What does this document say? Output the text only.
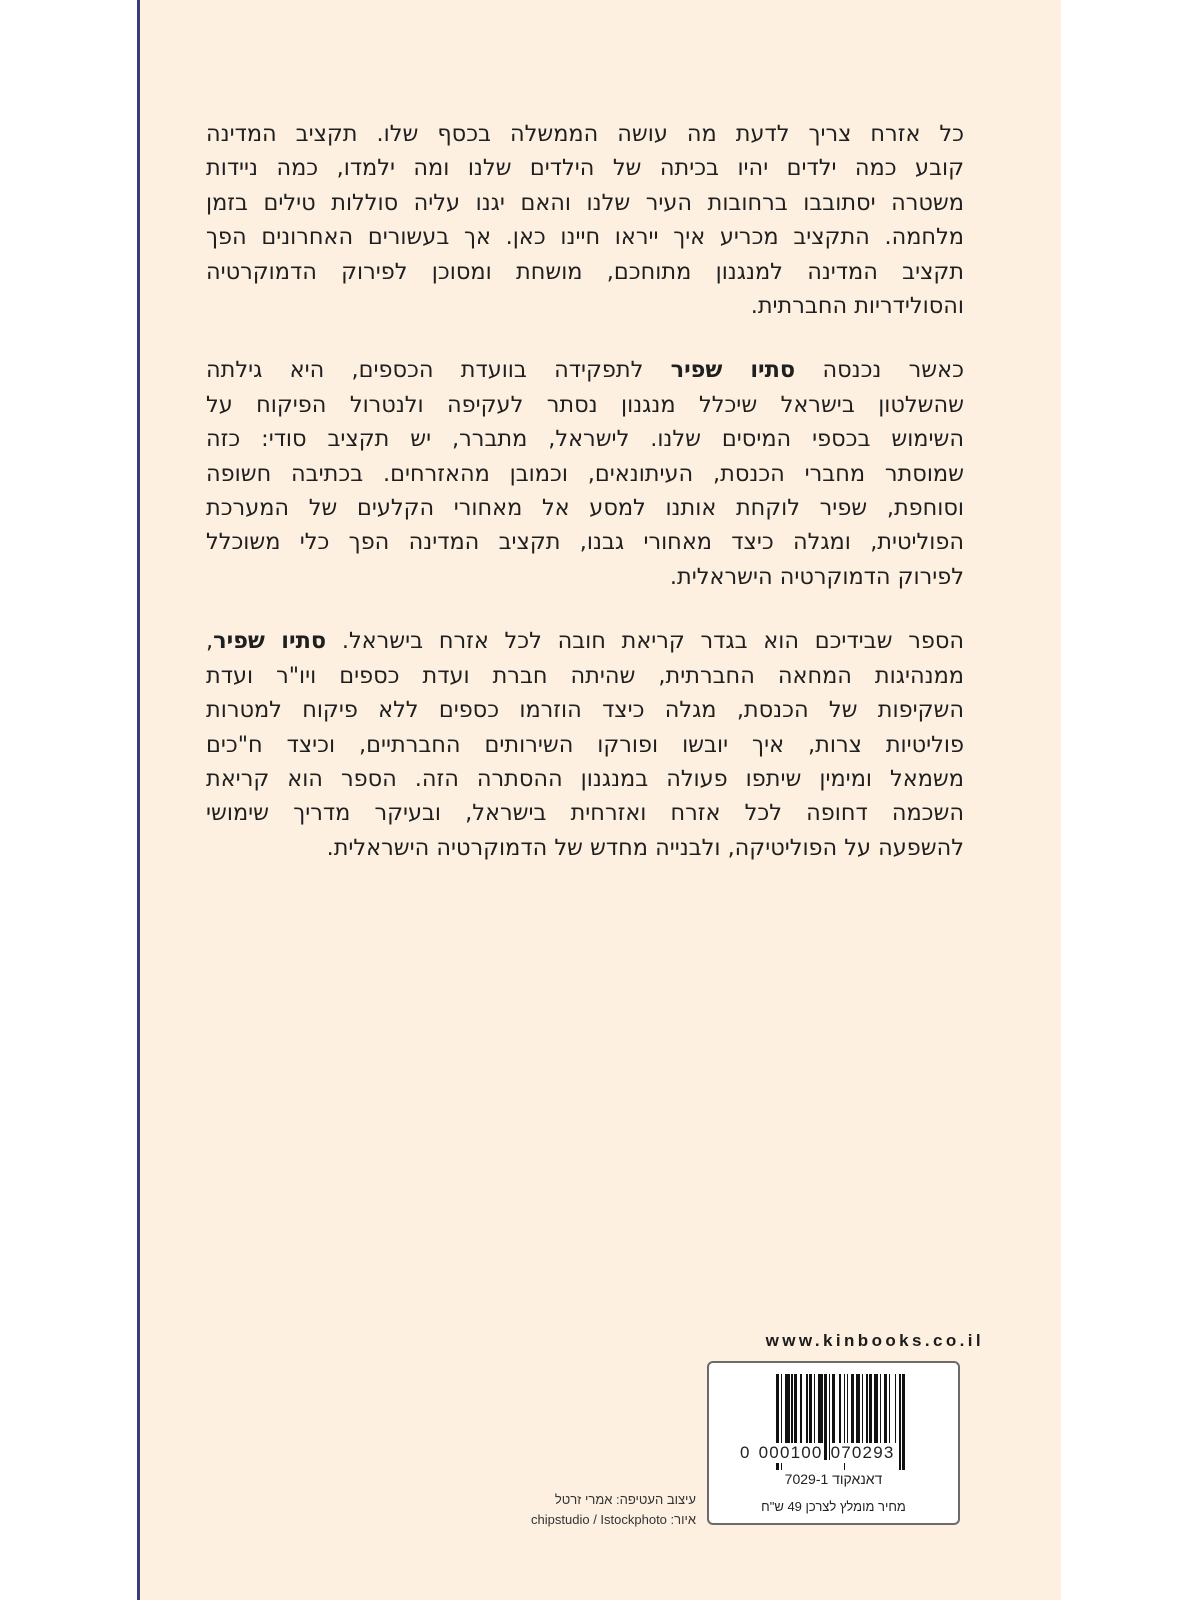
כל אזרח צריך לדעת מה עושה הממשלה בכסף שלו. תקציב המדינה
קובע כמה ילדים יהיו בכיתה של הילדים שלנו ומה ילמדו, כמה ניידות
משטרה יסתובבו ברחובות העיר שלנו והאם יגנו עליה סוללות טילים בזמן
מלחמה. התקציב מכריע איך ייראו חיינו כאן. אך בעשורים האחרונים הפך
תקציב המדינה למנגנון מתוחכם, מושחת ומסוכן לפירוק הדמוקרטיה
והסולידריות החברתית.

כאשר נכנסה סתיו שפיר לתפקידה בוועדת הכספים, היא גילתה
שהשלטון בישראל שיכלל מנגנון נסתר לעקיפה ולנטרול הפיקוח על
השימוש בכספי המיסים שלנו. לישראל, מתברר, יש תקציב סודי: כזה
שמוסתר מחברי הכנסת, העיתונאים, וכמובן מהאזרחים. בכתיבה חשופה
וסוחפת, שפיר לוקחת אותנו למסע אל מאחורי הקלעים של המערכת
הפוליטית, ומגלה כיצד מאחורי גבנו, תקציב המדינה הפך כלי משוכלל
לפירוק הדמוקרטיה הישראלית.

הספר שבידיכם הוא בגדר קריאת חובה לכל אזרח בישראל. סתיו שפיר,
ממנהיגות המחאה החברתית, שהיתה חברת ועדת כספים ויו"ר ועדת
השקיפות של הכנסת, מגלה כיצד הוזרמו כספים ללא פיקוח למטרות
פוליטיות צרות, איך יובשו ופורקו השירותים החברתיים, וכיצד ח"כים
משמאל ומימין שיתפו פעולה במנגנון ההסתרה הזה. הספר הוא קריאת
השכמה דחופה לכל אזרח ואזרחית בישראל, ובעיקר מדריך שימושי
להשפעה על הפוליטיקה, ולבנייה מחדש של הדמוקרטיה הישראלית.

www.kinbooks.co.il
0 000100 070293
דאנאקוד 7029-1
מחיר מומלץ לצרכן 49 ש"ח
עיצוב העטיפה: אמרי זרטל
איור: chipstudio / Istockphoto
